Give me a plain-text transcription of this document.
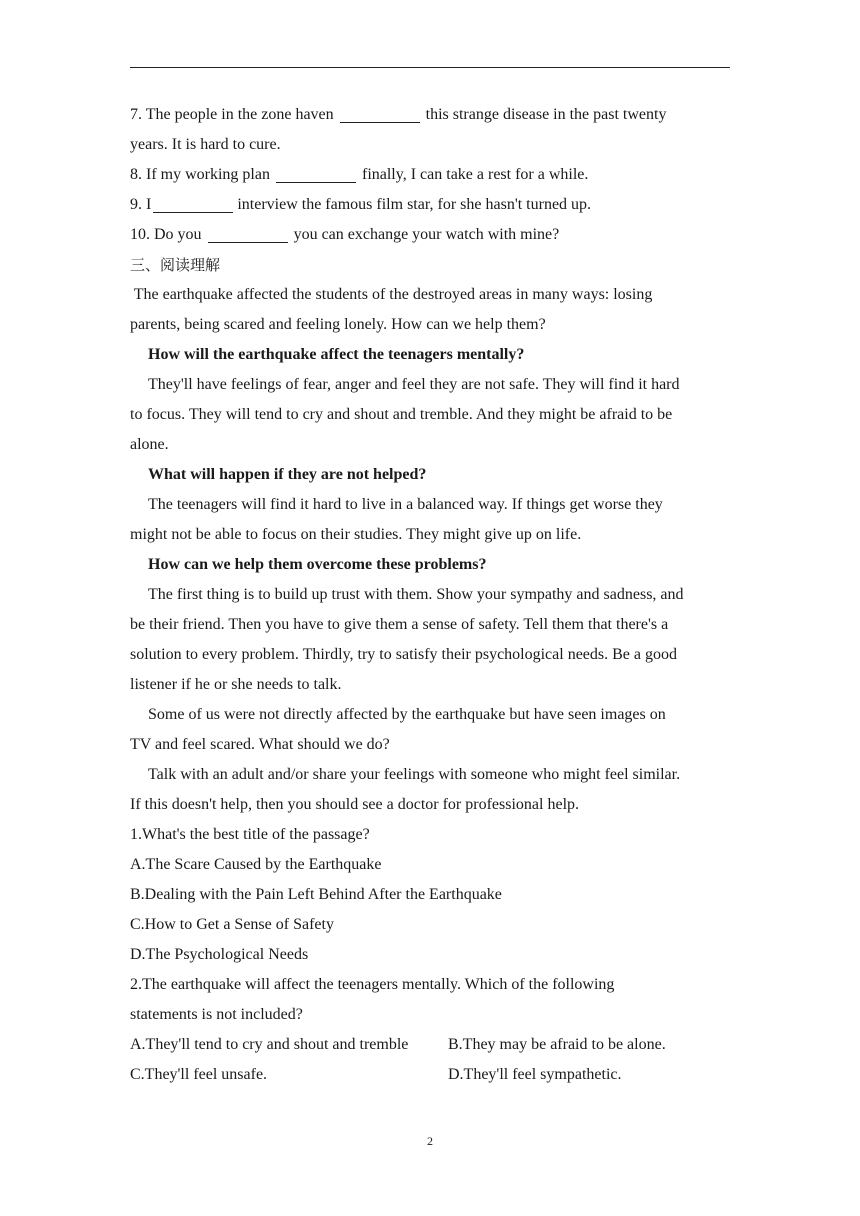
7. The people in the zone haven	this strange disease in the past twenty
years. It is hard to cure.
8. If my working plan	finally, I can take a rest for a while.
9. I	interview the famous film star, for she hasn't turned up.
10. Do you	you can exchange your watch with mine?
三、阅读理解
The earthquake affected the students of the destroyed areas in many ways: losing
parents, being scared and feeling lonely. How can we help them?
How will the earthquake affect the teenagers mentally?
They'll have feelings of fear, anger and feel they are not safe. They will find it hard
to focus. They will tend to cry and shout and tremble. And they might be afraid to be
alone.
What will happen if they are not helped?
The teenagers will find it hard to live in a balanced way. If things get worse they
might not be able to focus on their studies. They might give up on life.
How can we help them overcome these problems?
The first thing is to build up trust with them. Show your sympathy and sadness, and
be their friend. Then you have to give them a sense of safety. Tell them that there's a
solution to every problem. Thirdly, try to satisfy their psychological needs. Be a good
listener if he or she needs to talk.
Some of us were not directly affected by the earthquake but have seen images on
TV and feel scared. What should we do?
Talk with an adult and/or share your feelings with someone who might feel similar.
If this doesn't help, then you should see a doctor for professional help.
1.What's the best title of the passage?
A.The Scare Caused by the Earthquake
B.Dealing with the Pain Left Behind After the Earthquake
C.How to Get a Sense of Safety
D.The Psychological Needs
2.The earthquake will affect the teenagers mentally. Which of the following
statements is not included?
A.They'll tend to cry and shout and tremble B.They may be afraid to be alone.
C.They'll feel unsafe.	D.They'll feel sympathetic.
2
